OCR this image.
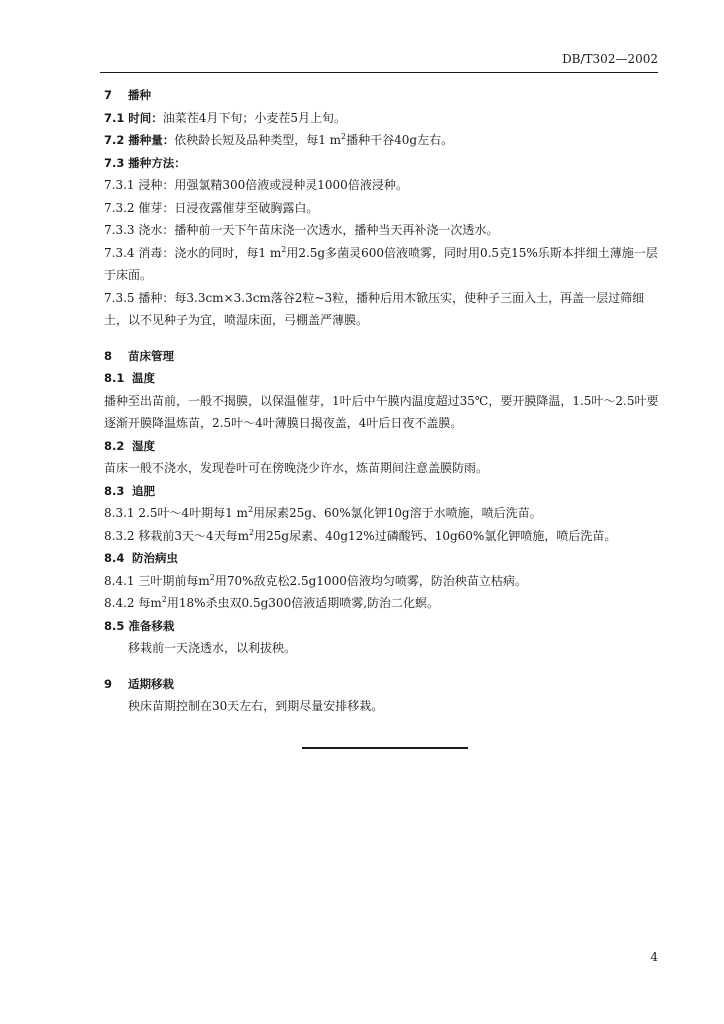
DB/T302—2002
7 播种
7.1 时间：油菜茬4月下旬；小麦茬5月上旬。
7.2 播种量：依秧龄长短及品种类型，每1 $m^2$播种干谷40g左右。
7.3 播种方法：
7.3.1 浸种：用强氯精300倍液或浸种灵1000倍液浸种。
7.3.2 催芽：日浸夜露催芽至破胸露白。
7.3.3 浇水：播种前一天下午苗床浇一次透水，播种当天再补浇一次透水。
7.3.4 消毒：浇水的同时，每1 $m^2$用2.5g多菌灵600倍液喷雾，同时用0.5克15%乐斯本拌细土薄施一层于床面。
7.3.5 播种：每3.3cm×3.3cm落谷2粒~3粒，播种后用木锨压实，使种子三面入土，再盖一层过筛细土，以不见种子为宜，喷湿床面，弓棚盖严薄膜。
8 苗床管理
8.1 温度
播种至出苗前，一般不揭膜，以保温催芽，1叶后中午膜内温度超过35℃，要开膜降温，1.5叶～2.5叶要逐渐开膜降温炼苗，2.5叶～4叶薄膜日揭夜盖，4叶后日夜不盖膜。
8.2 湿度
苗床一般不浇水，发现卷叶可在傍晚浇少许水，炼苗期间注意盖膜防雨。
8.3 追肥
8.3.1 2.5叶～4叶期每1 $m^2$用尿素25g、60%氯化钾10g溶于水喷施，喷后洗苗。
8.3.2 移栽前3天～4天每$m^2$用25g尿素、40g12%过磷酸钙、10g60%氯化钾喷施，喷后洗苗。
8.4 防治病虫
8.4.1 三叶期前每$m^2$用70%敌克松2.5g1000倍液均匀喷雾，防治秧苗立枯病。
8.4.2 每$m^2$用18%杀虫双0.5g300倍液适期喷雾,防治二化螟。
8.5 准备移栽
移栽前一天浇透水，以利拔秧。
9 适期移栽
秧床苗期控制在30天左右，到期尽量安排移栽。
4
